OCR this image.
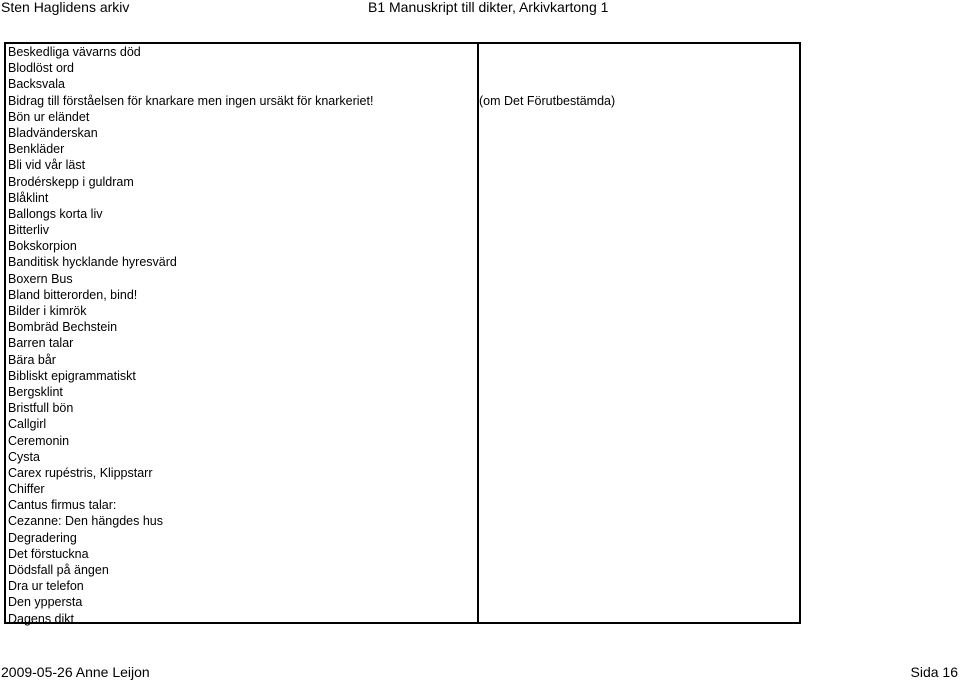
Sten Haglidens arkiv	B1 Manuskript till dikter, Arkivkartong 1
Beskedliga vävarns död
Blodlöst ord
Backsvala
Bidrag till förståelsen för knarkare men ingen ursäkt för knarkeriet!
Bön ur eländet
Bladvänderskan
Benkläder
Bli vid vår läst
Brodérskepp i guldram
Blåklint
Ballongs korta liv
Bitterliv
Bokskorpion
Banditisk hycklande hyresvärd
Boxern Bus
Bland bitterorden, bind!
Bilder i kimrök
Bombräd Bechstein
Barren talar
Bära bår
Bibliskt epigrammatiskt
Bergsklint
Bristfull bön
Callgirl
Ceremonin
Cysta
Carex rupéstris, Klippstarr
Chiffer
Cantus firmus talar:
Cezanne: Den hängdes hus
Degradering
Det förstuckna
Dödsfall på ängen
Dra ur telefon
Den yppersta
Dagens dikt
(om Det Förutbestämda)
2009-05-26 Anne Leijon	Sida 16
